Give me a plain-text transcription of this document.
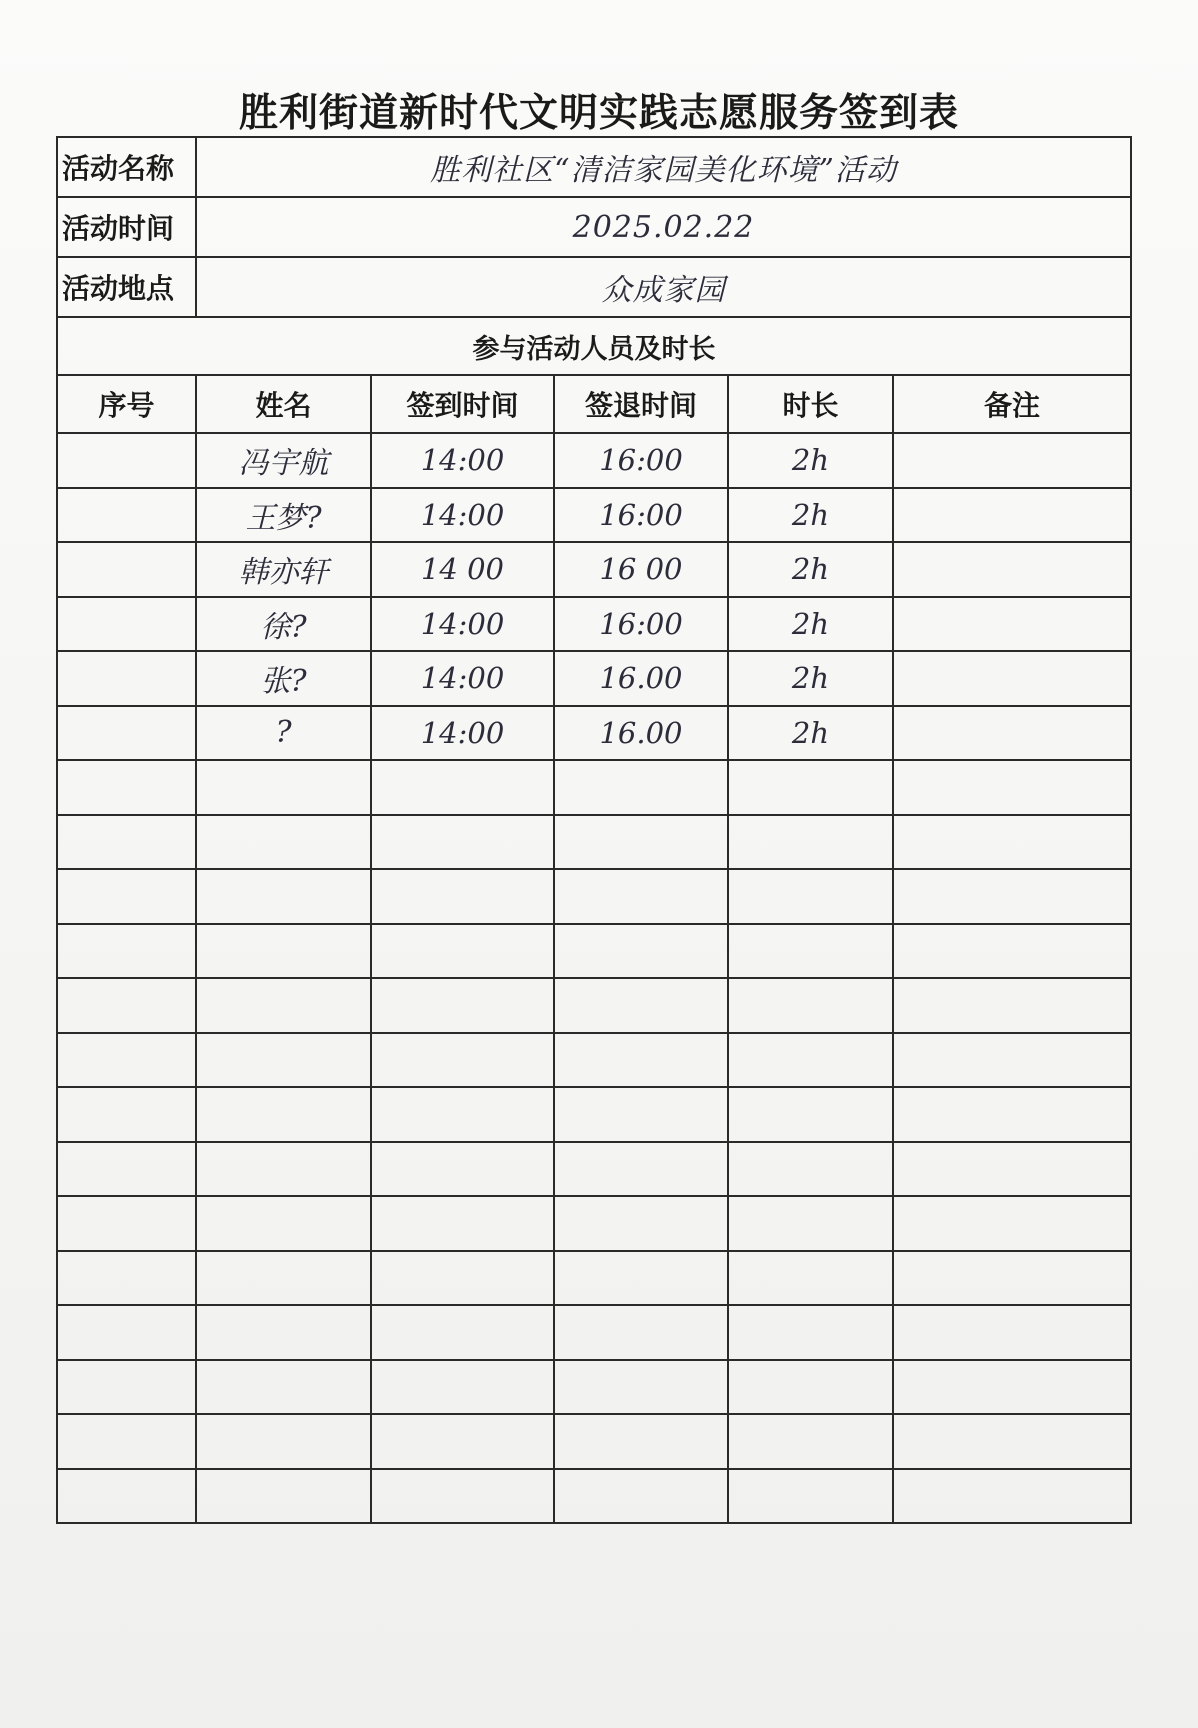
胜利街道新时代文明实践志愿服务签到表
活动名称	胜利社区“清洁家园美化环境”活动				
活动时间	2025.02.22				
活动地点	众成家园				
参与活动人员及时长					
序号	姓名	签到时间	签退时间	时长	备注
	冯宇航	14:00	16:00	2h	
	王梦?	14:00	16:00	2h	
	韩亦轩	14 00	16 00	2h	
	徐?	14:00	16:00	2h	
	张?	14:00	16.00	2h	
	?	14:00	16.00	2h	
